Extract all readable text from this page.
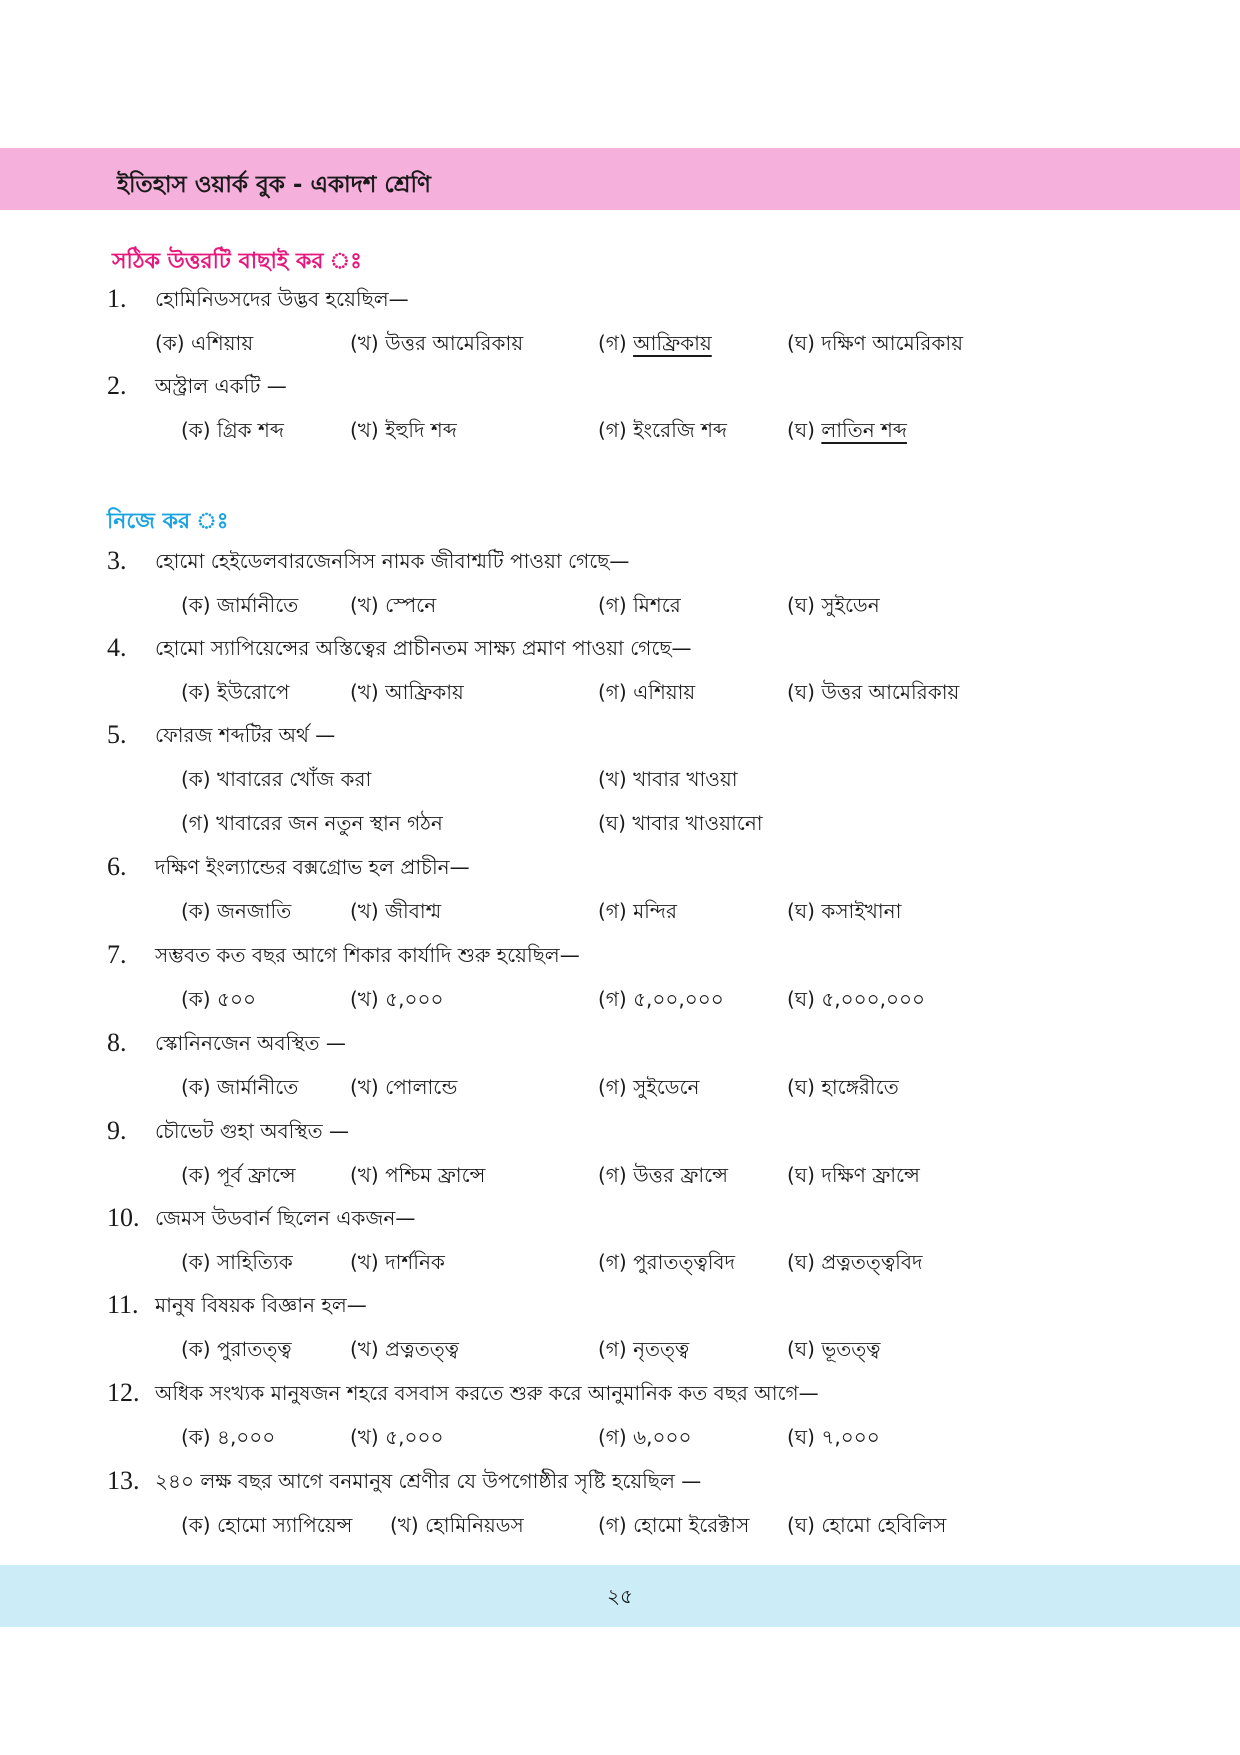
ইতিহাস ওয়ার্ক বুক - একাদশ শ্রেণি
সঠিক উত্তরটি বাছাই কর ঃ
1. হোমিনিডসদের উদ্ভব হয়েছিল—
(ক) এশিয়ায়	(খ) উত্তর আমেরিকায়	(গ) আফ্রিকায়	(ঘ) দক্ষিণ আমেরিকায়
2. অস্ট্রাল একটি —
(ক) গ্রিক শব্দ	(খ) ইহুদি শব্দ	(গ) ইংরেজি শব্দ	(ঘ) লাতিন শব্দ
নিজে কর ঃ
3. হোমো হেইডেলবারজেনসিস নামক জীবাশ্মটি পাওয়া গেছে—
(ক) জার্মানীতে	(খ) স্পেনে	(গ) মিশরে	(ঘ) সুইডেন
4. হোমো স্যাপিয়েন্সের অস্তিত্বের প্রাচীনতম সাক্ষ্য প্রমাণ পাওয়া গেছে—
(ক) ইউরোপে	(খ) আফ্রিকায়	(গ) এশিয়ায়	(ঘ) উত্তর আমেরিকায়
5. ফোরজ শব্দটির অর্থ —
(ক) খাবারের খোঁজ করা	(খ) খাবার খাওয়া
(গ) খাবারের জন নতুন স্থান গঠন	(ঘ) খাবার খাওয়ানো
6. দক্ষিণ ইংল্যান্ডের বক্সগ্রোভ হল প্রাচীন—
(ক) জনজাতি	(খ) জীবাশ্ম	(গ) মন্দির	(ঘ) কসাইখানা
7. সম্ভবত কত বছর আগে শিকার কার্যাদি শুরু হয়েছিল—
(ক) ৫০০	(খ) ৫,০০০	(গ) ৫,০০,০০০	(ঘ) ৫,০০০,০০০
8. স্কোনিনজেন অবস্থিত —
(ক) জার্মানীতে	(খ) পোলান্ডে	(গ) সুইডেনে	(ঘ) হাঙ্গেরীতে
9. চৌভেট গুহা অবস্থিত —
(ক) পূর্ব ফ্রান্সে	(খ) পশ্চিম ফ্রান্সে	(গ) উত্তর ফ্রান্সে	(ঘ) দক্ষিণ ফ্রান্সে
10. জেমস উডবার্ন ছিলেন একজন—
(ক) সাহিত্যিক	(খ) দার্শনিক	(গ) পুরাতত্ত্ববিদ	(ঘ) প্রত্নতত্ত্ববিদ
11. মানুষ বিষয়ক বিজ্ঞান হল—
(ক) পুরাতত্ত্ব	(খ) প্রত্নতত্ত্ব	(গ) নৃতত্ত্ব	(ঘ) ভূতত্ত্ব
12. অধিক সংখ্যক মানুষজন শহরে বসবাস করতে শুরু করে আনুমানিক কত বছর আগে—
(ক) ৪,০০০	(খ) ৫,০০০	(গ) ৬,০০০	(ঘ) ৭,০০০
13. ২৪০ লক্ষ বছর আগে বনমানুষ শ্রেণীর যে উপগোষ্ঠীর সৃষ্টি হয়েছিল —
(ক) হোমো স্যাপিয়েন্স (খ) হোমিনিয়ডস	(গ) হোমো ইরেক্টাস (ঘ) হোমো হেবিলিস
২৫
